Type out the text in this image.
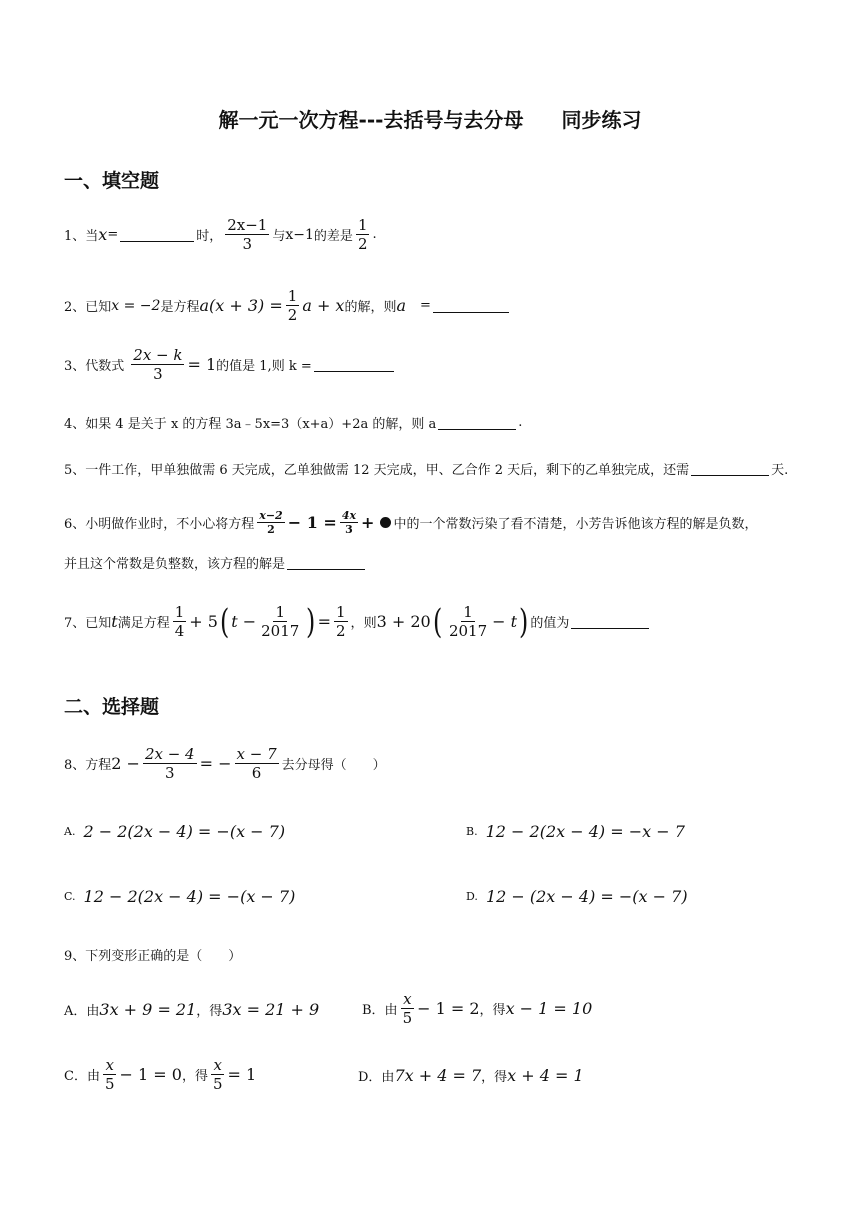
解一元一次方程---去括号与去分母 同步练习
一、填空题
1、当 x =	时， $\frac{2x-1}{3}$ 与 x−1 的差是 $\frac{1}{2}$ .
2、已知 x = −2 是方程 $a(x + 3) = \frac{1}{2}$ a + x 的解，则 a =
3、代数式 $\frac{2x - k}{3} = 1$ 的值是 1,则 k =
4、如果 4 是关于 x 的方程 3a﹣5x=3（x+a）+2a 的解，则 a	.
5、一件工作，甲单独做需 6 天完成，乙单独做需 12 天完成，甲、乙合作 2 天后，剩下的乙单独完成，还需	天.
6、小明做作业时，不小心将方程 $\frac{x-2}{2} - 1 = \frac{4x}{3}$ + 中的一个常数污染了看不清楚，小芳告诉他该方程的解是负数，
并且这个常数是负整数，该方程的解是
7、已知 t 满足方程 $\frac{1}{4} + 5$ ( $t - \frac{1}{2017}$ ) = $\frac{1}{2}$ ， 则 3 + 20 ( $\frac{1}{2017} - t$ ) 的值为
二、选择题
8、方程 $2 - \frac{2x - 4}{3}$ = − $\frac{x - 7}{6}$ 去分母得（　　）
A. 2 − 2(2x − 4) = −(x − 7)	B. 12 − 2(2x − 4) = −x − 7
C. 12 − 2(2x − 4) = −(x − 7)	D. 12 − (2x − 4) = −(x − 7)
9、下列变形正确的是（　　）
A．由 3x + 9 = 21 ，得 3x = 21 + 9	B．由 $\frac{x}{5} - 1 = 2$ ，得 x − 1 = 10
C．由 $\frac{x}{5} - 1 = 0$ ，得 $\frac{x}{5} = 1$	D．由 7x + 4 = 7 ，得 x + 4 = 1
